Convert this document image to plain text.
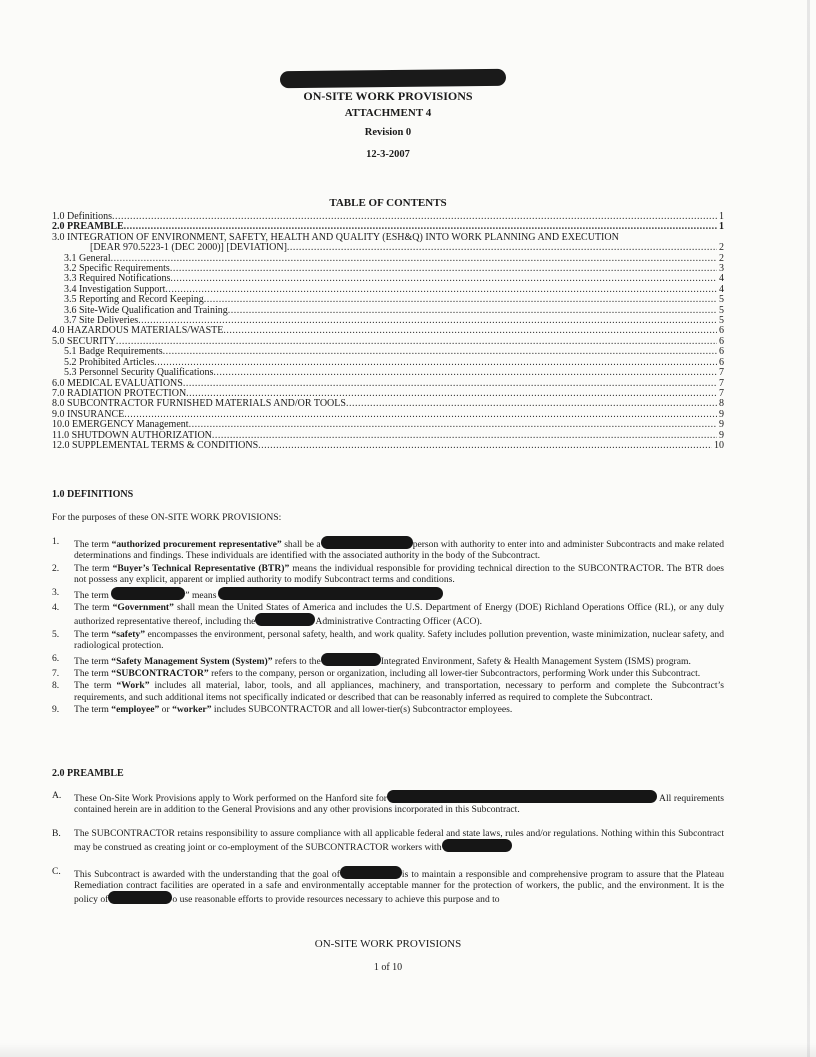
ON-SITE WORK PROVISIONS
ATTACHMENT 4
Revision 0
12-3-2007
TABLE OF CONTENTS
1.0 Definitions .....	1
2.0 PREAMBLE .....	1
3.0 INTEGRATION OF ENVIRONMENT, SAFETY, HEALTH AND QUALITY (ESH&Q) INTO WORK PLANNING AND EXECUTION
[DEAR 970.5223-1 (DEC 2000)] [DEVIATION] .....	2
3.1 General .....	2
3.2 Specific Requirements .....	3
3.3 Required Notifications .....	4
3.4 Investigation Support .....	4
3.5 Reporting and Record Keeping .....	5
3.6 Site-Wide Qualification and Training .....	5
3.7 Site Deliveries .....	5
4.0 HAZARDOUS MATERIALS/WASTE .....	6
5.0 SECURITY .....	6
5.1 Badge Requirements .....	6
5.2 Prohibited Articles .....	6
5.3 Personnel Security Qualifications .....	7
6.0 MEDICAL EVALUATIONS .....	7
7.0 RADIATION PROTECTION .....	7
8.0 SUBCONTRACTOR FURNISHED MATERIALS AND/OR TOOLS .....	8
9.0 INSURANCE .....	9
10.0 EMERGENCY Management .....	9
11.0 SHUTDOWN AUTHORIZATION .....	9
12.0 SUPPLEMENTAL TERMS & CONDITIONS .....	10
1.0 DEFINITIONS
For the purposes of these ON-SITE WORK PROVISIONS:
1.	The term “authorized procurement representative” shall be a	person with authority to enter into and administer Subcontracts and make related determinations and findings. These individuals are identified with the associated authority in the body of the Subcontract.
2.	The term “Buyer’s Technical Representative (BTR)” means the individual responsible for providing technical direction to the SUBCONTRACTOR. The BTR does not possess any explicit, apparent or implied authority to modify Subcontract terms and conditions.
3.	The term	” means
4.	The term “Government” shall mean the United States of America and includes the U.S. Department of Energy (DOE) Richland Operations Office (RL), or any duly authorized representative thereof, including the	Administrative Contracting Officer (ACO).
5.	The term “safety” encompasses the environment, personal safety, health, and work quality. Safety includes pollution prevention, waste minimization, nuclear safety, and radiological protection.
6.	The term “Safety Management System (System)” refers to the	Integrated Environment, Safety & Health Management System (ISMS) program.
7.	The term “SUBCONTRACTOR” refers to the company, person or organization, including all lower-tier Subcontractors, performing Work under this Subcontract.
8.	The term “Work” includes all material, labor, tools, and all appliances, machinery, and transportation, necessary to perform and complete the Subcontract’s requirements, and such additional items not specifically indicated or described that can be reasonably inferred as required to complete the Subcontract.
9.	The term “employee” or “worker” includes SUBCONTRACTOR and all lower-tier(s) Subcontractor employees.
2.0 PREAMBLE
A.	These On-Site Work Provisions apply to Work performed on the Hanford site for	All requirements contained herein are in addition to the General Provisions and any other provisions incorporated in this Subcontract.
B.	The SUBCONTRACTOR retains responsibility to assure compliance with all applicable federal and state laws, rules and/or regulations. Nothing within this Subcontract may be construed as creating joint or co-employment of the SUBCONTRACTOR workers with
C.	This Subcontract is awarded with the understanding that the goal of	is to maintain a responsible and comprehensive program to assure that the Plateau Remediation contract facilities are operated in a safe and environmentally acceptable manner for the protection of workers, the public, and the environment. It is the policy of	o use reasonable efforts to provide resources necessary to achieve this purpose and to
ON-SITE WORK PROVISIONS
1 of 10
